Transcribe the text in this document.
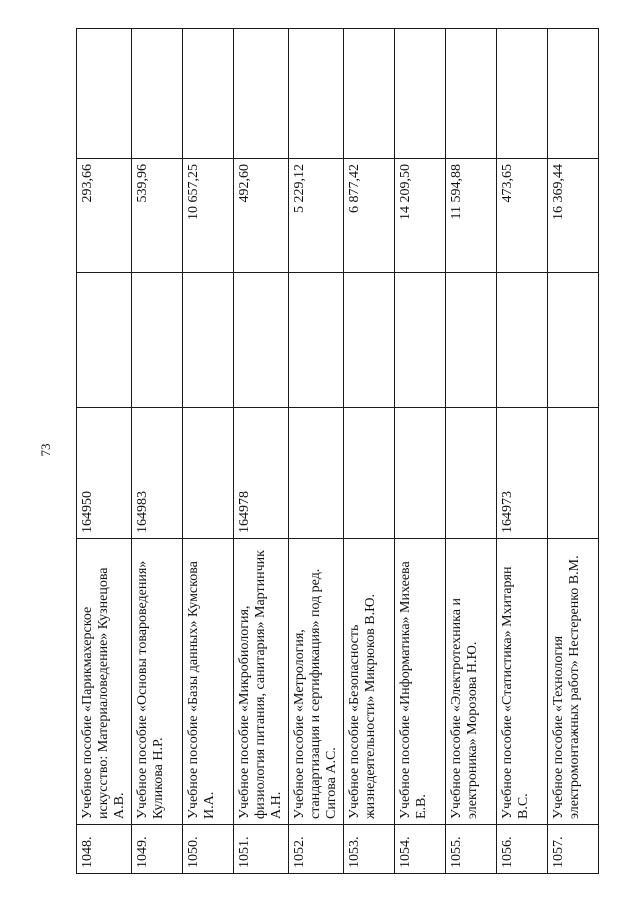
73
1048.	Учебное пособие «Парикмахерское искусство: Материаловедение» Кузнецова А.В.	164950		293,66	
1049.	Учебное пособие «Основы товароведения» Куликова Н.Р.	164983		539,96	
1050.	Учебное пособие «Базы данных» Кумскова И.А.			10 657,25	
1051.	Учебное пособие «Микробиология, физиология питания, санитария» Мартинчик А.Н.	164978		492,60	
1052.	Учебное пособие «Метрология, стандартизация и сертификация» под ред. Сигова А.С.			5 229,12	
1053.	Учебное пособие «Безопасность жизнедеятельности» Микрюков В.Ю.			6 877,42	
1054.	Учебное пособие «Информатика» Михеева Е.В.			14 209,50	
1055.	Учебное пособие «Электротехника и электроника» Морозова Н.Ю.			11 594,88	
1056.	Учебное пособие «Статистика» Мхитарян В.С.	164973		473,65	
1057.	Учебное пособие «Технология электромонтажных работ» Нестеренко В.М.			16 369,44	
